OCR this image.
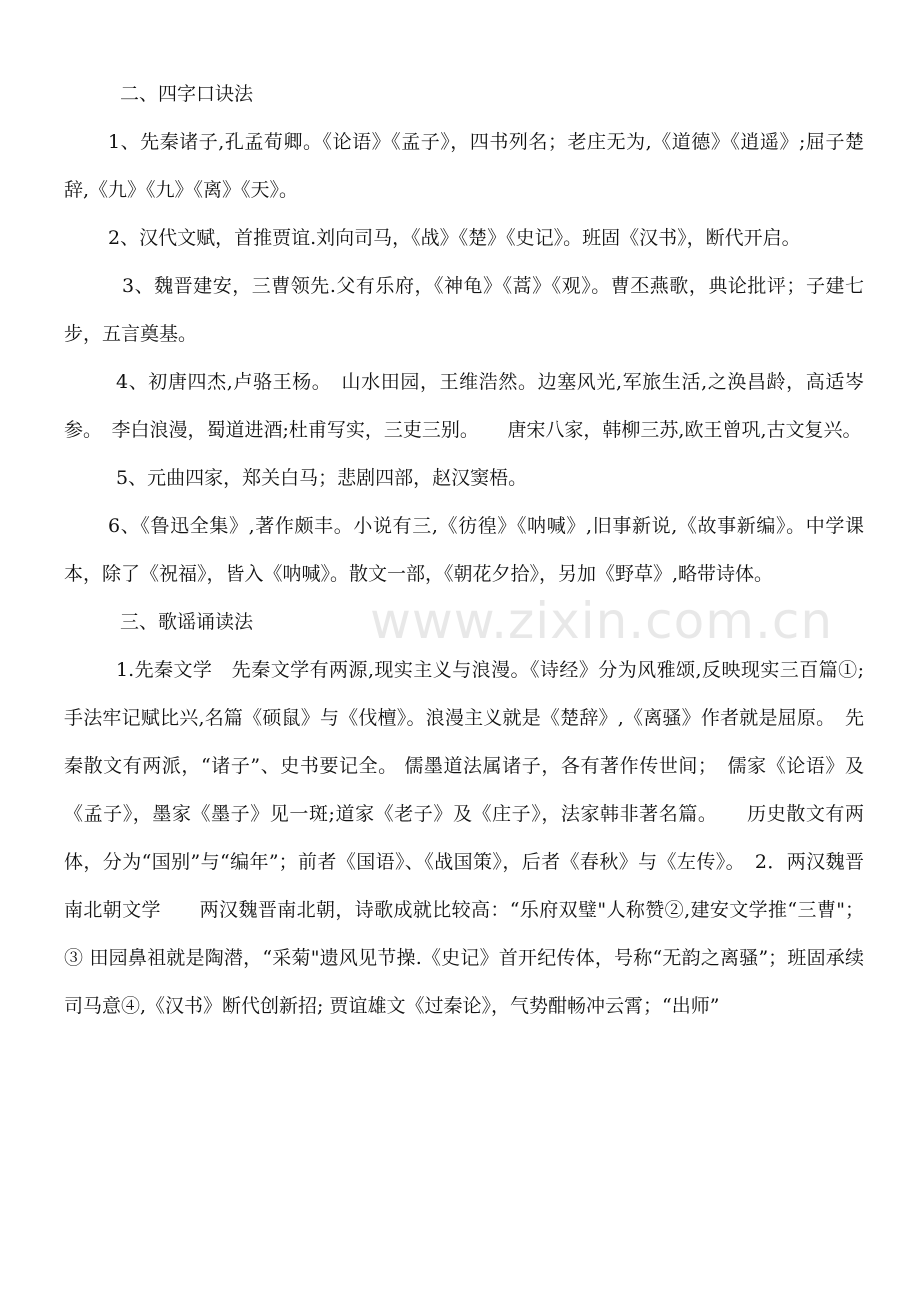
二、四字口诀法

1、先秦诸子,孔孟荀卿。《论语》《孟子》，四书列名；老庄无为,《道德》《逍遥》;屈子楚辞,《九》《九》《离》《天》。

2、汉代文赋，首推贾谊.刘向司马，《战》《楚》《史记》。班固《汉书》，断代开启。

3、魏晋建安，三曹领先.父有乐府，《神龟》《蒿》《观》。曹丕燕歌，典论批评；子建七步，五言奠基。

4、初唐四杰,卢骆王杨。　山水田园，王维浩然。边塞风光,军旅生活,之涣昌龄，高适岑参。　李白浪漫，蜀道进酒;杜甫写实，三吏三别。　　唐宋八家，韩柳三苏,欧王曾巩,古文复兴。

5、元曲四家，郑关白马；悲剧四部，赵汉窦梧。

6、《鲁迅全集》,著作颇丰。小说有三,《彷徨》《呐喊》,旧事新说,《故事新编》。中学课本，除了《祝福》，皆入《呐喊》。散文一部，《朝花夕拾》，另加《野草》,略带诗体。

三、歌谣诵读法

1.先秦文学　先秦文学有两源,现实主义与浪漫。《诗经》分为风雅颂,反映现实三百篇①; 手法牢记赋比兴,名篇《硕鼠》与《伐檀》。浪漫主义就是《楚辞》,《离骚》作者就是屈原。　先秦散文有两派，“诸子”、史书要记全。 儒墨道法属诸子，各有著作传世间；　儒家《论语》及《孟子》，墨家《墨子》见一斑;道家《老子》及《庄子》，法家韩非著名篇。　　历史散文有两体，分为“国别”与“编年”；前者《国语》、《战国策》，后者《春秋》与《左传》。　2．两汉魏晋南北朝文学　　两汉魏晋南北朝，诗歌成就比较高：“乐府双璧"人称赞②,建安文学推“三曹"；③ 田园鼻祖就是陶潜，“采菊"遗风见节操.《史记》首开纪传体，号称“无韵之离骚”；班固承续司马意④,《汉书》断代创新招; 贾谊雄文《过秦论》，气势酣畅冲云霄；“出师”

www.zixin.com.cn
